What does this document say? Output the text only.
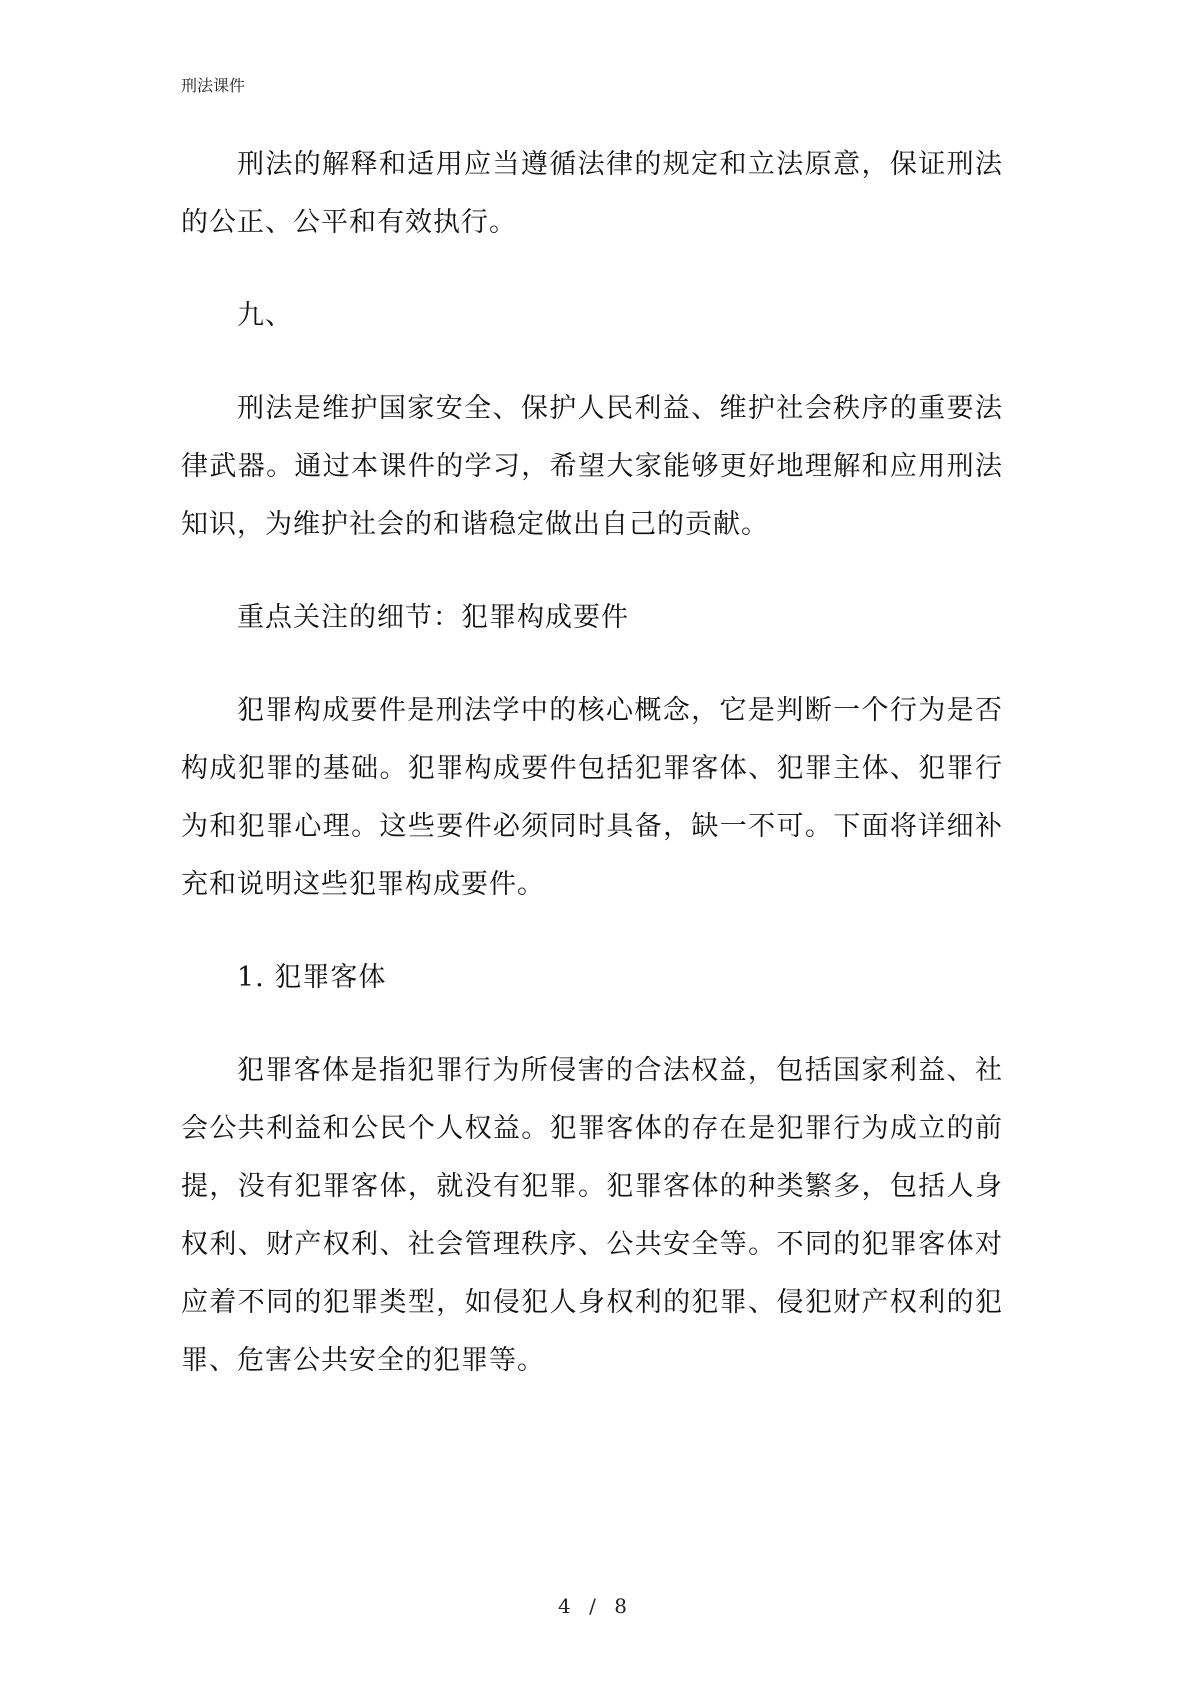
刑法课件

刑法的解释和适用应当遵循法律的规定和立法原意，保证刑法的公正、公平和有效执行。

九、

刑法是维护国家安全、保护人民利益、维护社会秩序的重要法律武器。通过本课件的学习，希望大家能够更好地理解和应用刑法知识，为维护社会的和谐稳定做出自己的贡献。

重点关注的细节：犯罪构成要件

犯罪构成要件是刑法学中的核心概念，它是判断一个行为是否构成犯罪的基础。犯罪构成要件包括犯罪客体、犯罪主体、犯罪行为和犯罪心理。这些要件必须同时具备，缺一不可。下面将详细补充和说明这些犯罪构成要件。

1. 犯罪客体

犯罪客体是指犯罪行为所侵害的合法权益，包括国家利益、社会公共利益和公民个人权益。犯罪客体的存在是犯罪行为成立的前提，没有犯罪客体，就没有犯罪。犯罪客体的种类繁多，包括人身权利、财产权利、社会管理秩序、公共安全等。不同的犯罪客体对应着不同的犯罪类型，如侵犯人身权利的犯罪、侵犯财产权利的犯罪、危害公共安全的犯罪等。

4 / 8
